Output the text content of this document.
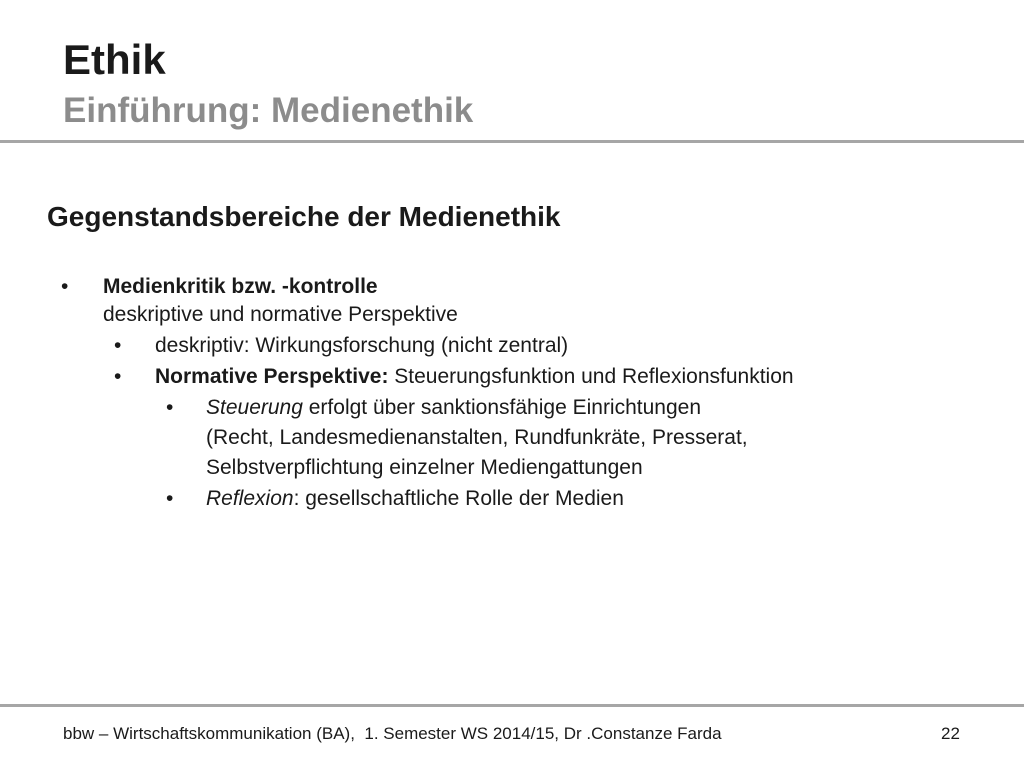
Ethik
Einführung: Medienethik
Gegenstandsbereiche der Medienethik
• Medienkritik bzw. -kontrolle
deskriptive und normative Perspektive
• deskriptiv: Wirkungsforschung (nicht zentral)
• Normative Perspektive: Steuerungsfunktion und Reflexionsfunktion
• Steuerung erfolgt über sanktionsfähige Einrichtungen
(Recht, Landesmedienanstalten, Rundfunkräte, Presserat,
Selbstverpflichtung einzelner Mediengattungen
• Reflexion: gesellschaftliche Rolle der Medien
bbw – Wirtschaftskommunikation (BA),  1. Semester WS 2014/15, Dr .Constanze Farda	22
